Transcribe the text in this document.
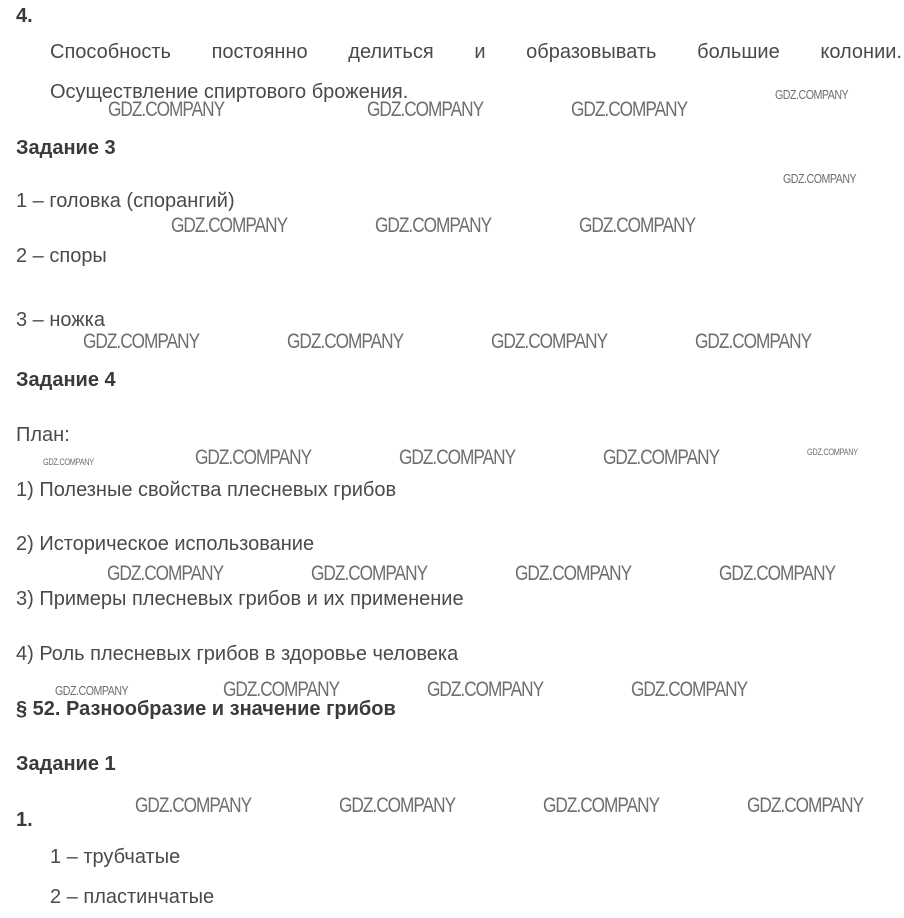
4.
Способность постоянно делиться и образовывать большие колонии.
Осуществление спиртового брожения.
Задание 3
1 – головка (спорангий)
2 – споры
3 – ножка
Задание 4
План:
1) Полезные свойства плесневых грибов
2) Историческое использование
3) Примеры плесневых грибов и их применение
4) Роль плесневых грибов в здоровье человека
§ 52. Разнообразие и значение грибов
Задание 1
1.
1 – трубчатые
2 – пластинчатые
GDZ.COMPANY	GDZ.COMPANY	GDZ.COMPANY
GDZ.COMPANY
GDZ.COMPANY
GDZ.COMPANY	GDZ.COMPANY	GDZ.COMPANY
GDZ.COMPANY	GDZ.COMPANY	GDZ.COMPANY	GDZ.COMPANY
GDZ.COMPANY	GDZ.COMPANY	GDZ.COMPANY	GDZ.COMPANY	GDZ.COMPANY
GDZ.COMPANY	GDZ.COMPANY	GDZ.COMPANY	GDZ.COMPANY
GDZ.COMPANY	GDZ.COMPANY	GDZ.COMPANY	GDZ.COMPANY
GDZ.COMPANY	GDZ.COMPANY	GDZ.COMPANY	GDZ.COMPANY
